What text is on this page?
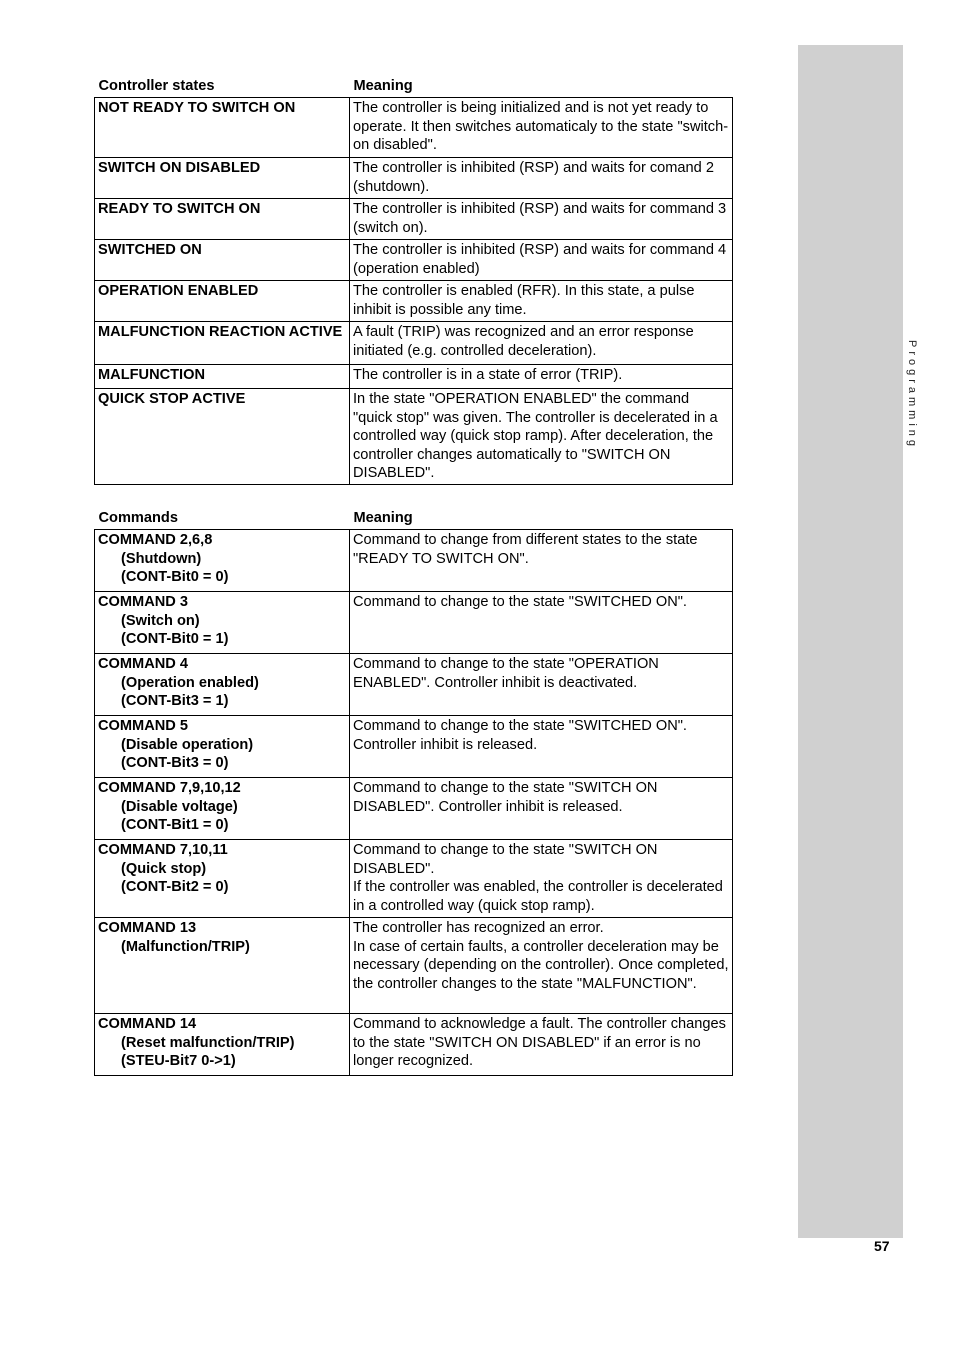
Programming
57
Controller states	Meaning
NOT READY TO SWITCH ON	The controller is being initialized and is not yet ready to operate. It then switches automaticaly to the state "switch-on disabled".
SWITCH ON DISABLED	The controller is inhibited (RSP) and waits for comand 2 (shutdown).
READY TO SWITCH ON	The controller is inhibited (RSP) and waits for command 3 (switch on).
SWITCHED ON	The controller is inhibited (RSP) and waits for command 4 (operation enabled)
OPERATION ENABLED	The controller is enabled (RFR). In this state, a pulse inhibit is possible any time.
MALFUNCTION REACTION ACTIVE	A fault (TRIP) was recognized and an error response initiated (e.g. controlled deceleration).
MALFUNCTION	The controller is in a state of error (TRIP).
QUICK STOP ACTIVE	In the state "OPERATION ENABLED" the command "quick stop" was given. The controller is decelerated in a controlled way (quick stop ramp). After deceleration, the controller changes automatically to "SWITCH ON DISABLED".
Commands	Meaning

COMMAND 2,6,8
(Shutdown)
(CONT-Bit0 = 0)	Command to change from different states to the state "READY TO SWITCH ON".

COMMAND 3
(Switch on)
(CONT-Bit0 = 1)	Command to change to the state "SWITCHED ON".

COMMAND 4
(Operation enabled)
(CONT-Bit3 = 1)	Command to change to the state "OPERATION ENABLED". Controller inhibit is deactivated.

COMMAND 5
(Disable operation)
(CONT-Bit3 = 0)	Command to change to the state "SWITCHED ON". Controller inhibit is released.

COMMAND 7,9,10,12
(Disable voltage)
(CONT-Bit1 = 0)	Command to change to the state "SWITCH ON DISABLED". Controller inhibit is released.

COMMAND 7,10,11
(Quick stop)
(CONT-Bit2 = 0)	Command to change to the state "SWITCH ON DISABLED".
If the controller was enabled, the controller is decelerated in a controlled way (quick stop ramp).

COMMAND 13
(Malfunction/TRIP)	The controller has recognized an error.
In case of certain faults, a controller deceleration may be necessary (depending on the controller). Once completed, the controller changes to the state "MALFUNCTION".

COMMAND 14
(Reset malfunction/TRIP)
(STEU-Bit7 0->1)	Command to acknowledge a fault. The controller changes to the state "SWITCH ON DISABLED" if an error is no longer recognized.
